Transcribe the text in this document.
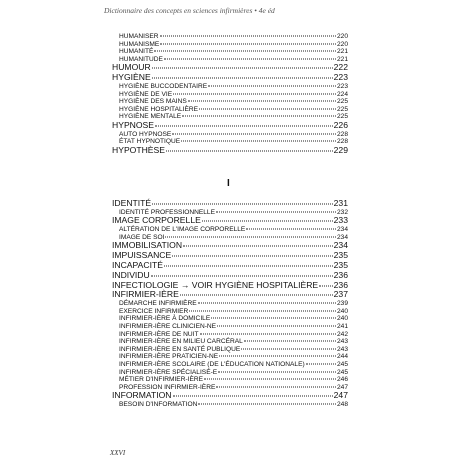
Dictionnaire des concepts en sciences infirmières • 4e éd
HUMANISER	220
HUMANISME	220
HUMANITÉ	221
HUMANITUDE	221
HUMOUR	222
HYGIÈNE	223
HYGIÈNE BUCCODENTAIRE	223
HYGIÈNE DE VIE	224
HYGIÈNE DES MAINS	225
HYGIÈNE HOSPITALIÈRE	225
HYGIÈNE MENTALE	225
HYPNOSE	226
AUTO HYPNOSE	228
ÉTAT HYPNOTIQUE	228
HYPOTHÈSE	229
I
IDENTITÉ	231
IDENTITÉ PROFESSIONNELLE	232
IMAGE CORPORELLE	233
ALTÉRATION DE L'IMAGE CORPORELLE	234
IMAGE DE SOI	234
IMMOBILISATION	234
IMPUISSANCE	235
INCAPACITÉ	235
INDIVIDU	236
INFECTIOLOGIE → VOIR HYGIÈNE HOSPITALIÈRE 236
INFIRMIER-IÈRE	237
DÉMARCHE INFIRMIÈRE	239
EXERCICE INFIRMIER	240
INFIRMIER-IÈRE À DOMICILE	240
INFIRMIER-IÈRE CLINICIEN-NE	241
INFIRMIER-IÈRE DE NUIT	242
INFIRMIER-IÈRE EN MILIEU CARCÉRAL	243
INFIRMIER-IÈRE EN SANTÉ PUBLIQUE	243
INFIRMIER-IÈRE PRATICIEN-NE	244
INFIRMIER-IÈRE SCOLAIRE (DE L'ÉDUCATION NATIONALE)	245
INFIRMIER-IÈRE SPÉCIALISÉ-E	245
MÉTIER D'INFIRMIER-IÈRE	246
PROFESSION INFIRMIER-IÈRE	247
INFORMATION	247
BESOIN D'INFORMATION	248
XXVI
